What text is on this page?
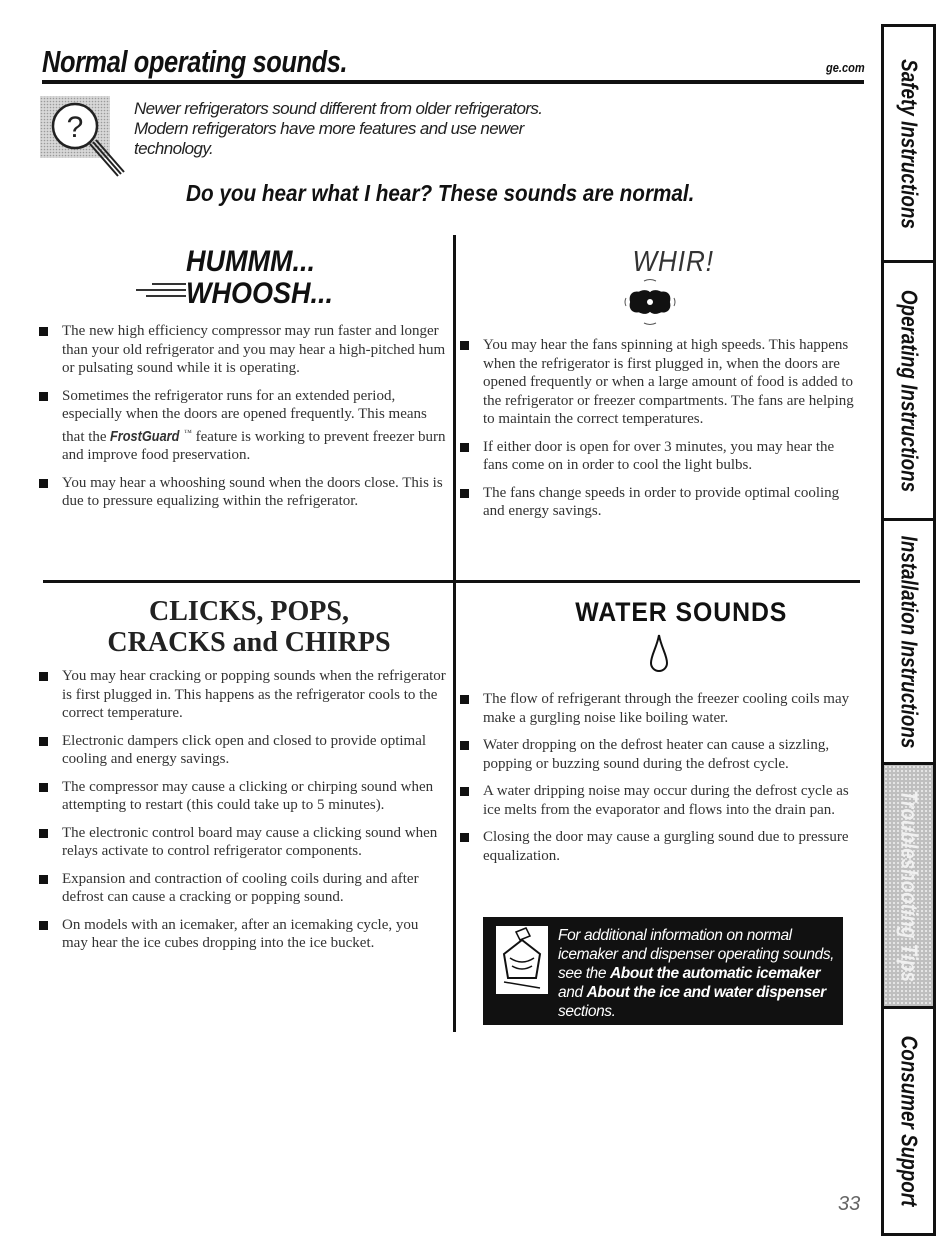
Normal operating sounds.	ge.com
?
Newer refrigerators sound different from older refrigerators. Modern refrigerators have more features and use newer technology.
Do you hear what I hear? These sounds are normal.
HUMMM...
WHOOSH...
The new high efficiency compressor may run faster and longer than your old refrigerator and you may hear a high-pitched hum or pulsating sound while it is operating.
Sometimes the refrigerator runs for an extended period, especially when the doors are opened frequently. This means that the FrostGuard ™ feature is working to prevent freezer burn and improve food preservation.
You may hear a whooshing sound when the doors close. This is due to pressure equalizing within the refrigerator.
WHIR!
You may hear the fans spinning at high speeds. This happens when the refrigerator is first plugged in, when the doors are opened frequently or when a large amount of food is added to the refrigerator or freezer compartments. The fans are helping to maintain the correct temperatures.
If either door is open for over 3 minutes, you may hear the fans come on in order to cool the light bulbs.
The fans change speeds in order to provide optimal cooling and energy savings.
CLICKS, POPS,
CRACKS and CHIRPS
You may hear cracking or popping sounds when the refrigerator is first plugged in. This happens as the refrigerator cools to the correct temperature.
Electronic dampers click open and closed to provide optimal cooling and energy savings.
The compressor may cause a clicking or chirping sound when attempting to restart (this could take up to 5 minutes).
The electronic control board may cause a clicking sound when relays activate to control refrigerator components.
Expansion and contraction of cooling coils during and after defrost can cause a cracking or popping sound.
On models with an icemaker, after an icemaking cycle, you may hear the ice cubes dropping into the ice bucket.
WATER SOUNDS
The flow of refrigerant through the freezer cooling coils may make a gurgling noise like boiling water.
Water dropping on the defrost heater can cause a sizzling, popping or buzzing sound during the defrost cycle.
A water dripping noise may occur during the defrost cycle as ice melts from the evaporator and flows into the drain pan.
Closing the door may cause a gurgling sound due to pressure equalization.
For additional information on normal icemaker and dispenser operating sounds, see the About the automatic icemaker and About the ice and water dispenser sections.
33
Safety Instructions
Operating Instructions
Installation Instructions
Troubleshooting Tips
Consumer Support
